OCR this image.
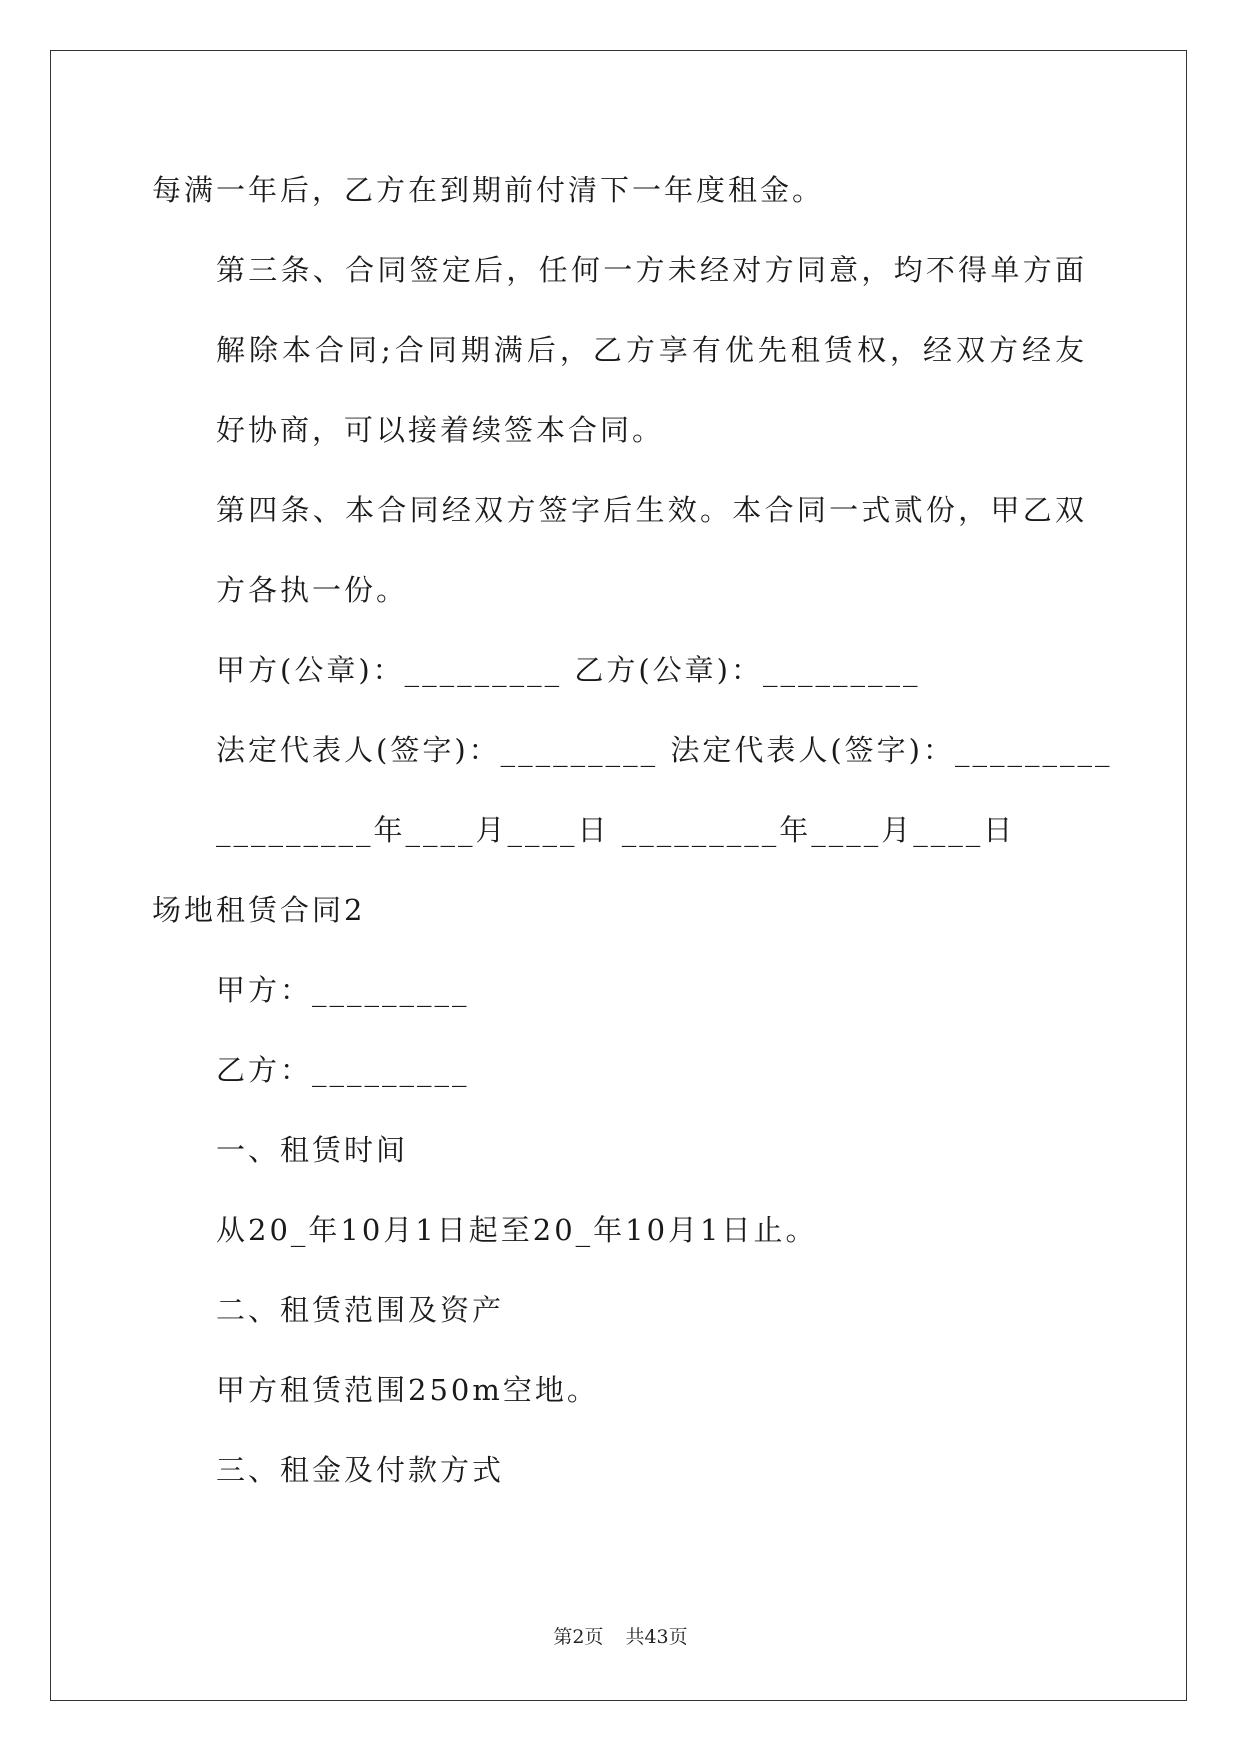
每满一年后，乙方在到期前付清下一年度租金。

第三条、合同签定后，任何一方未经对方同意，均不得单方面解除本合同;合同期满后，乙方享有优先租赁权，经双方经友好协商，可以接着续签本合同。

第四条、本合同经双方签字后生效。本合同一式贰份，甲乙双方各执一份。

甲方(公章)：_________ 乙方(公章)：_________

法定代表人(签字)：_________ 法定代表人(签字)：_________

_________年____月____日 _________年____月____日

场地租赁合同2

甲方：_________

乙方：_________

一、租赁时间

从20_年10月1日起至20_年10月1日止。

二、租赁范围及资产

甲方租赁范围250m空地。

三、租金及付款方式

第2页 共43页
